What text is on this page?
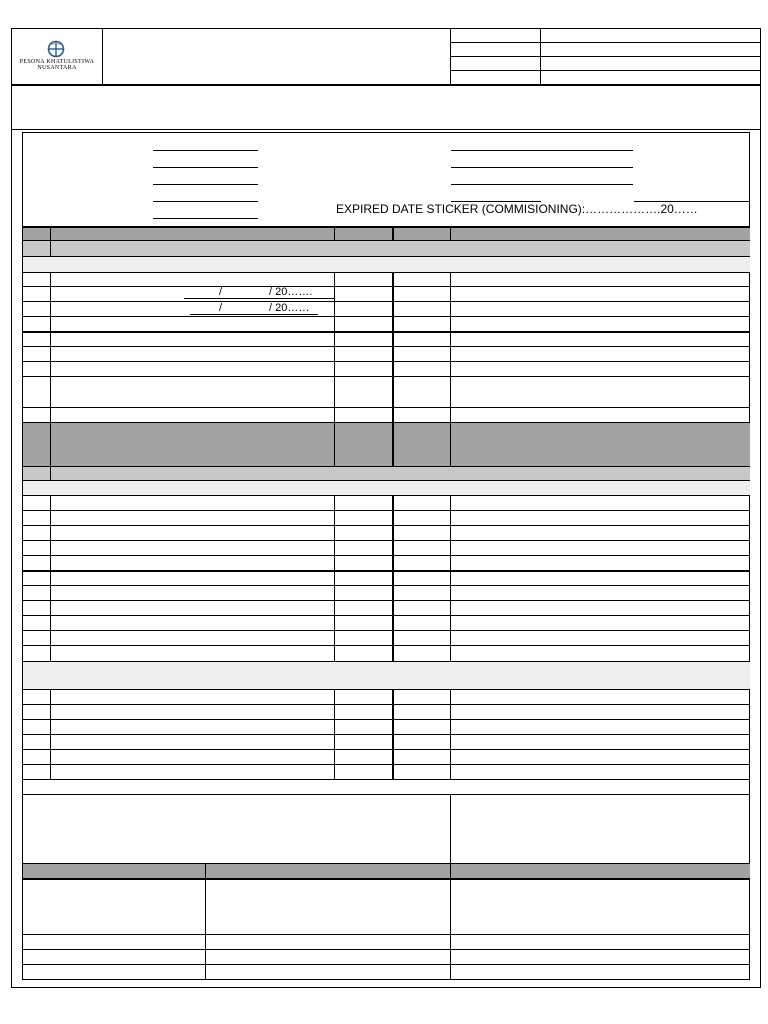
PESONA KHATULISTIWA
NUSANTARA
EXPIRED DATE STICKER (COMMISIONING):……………….20……
/	/ 20…….
/	/ 20……
